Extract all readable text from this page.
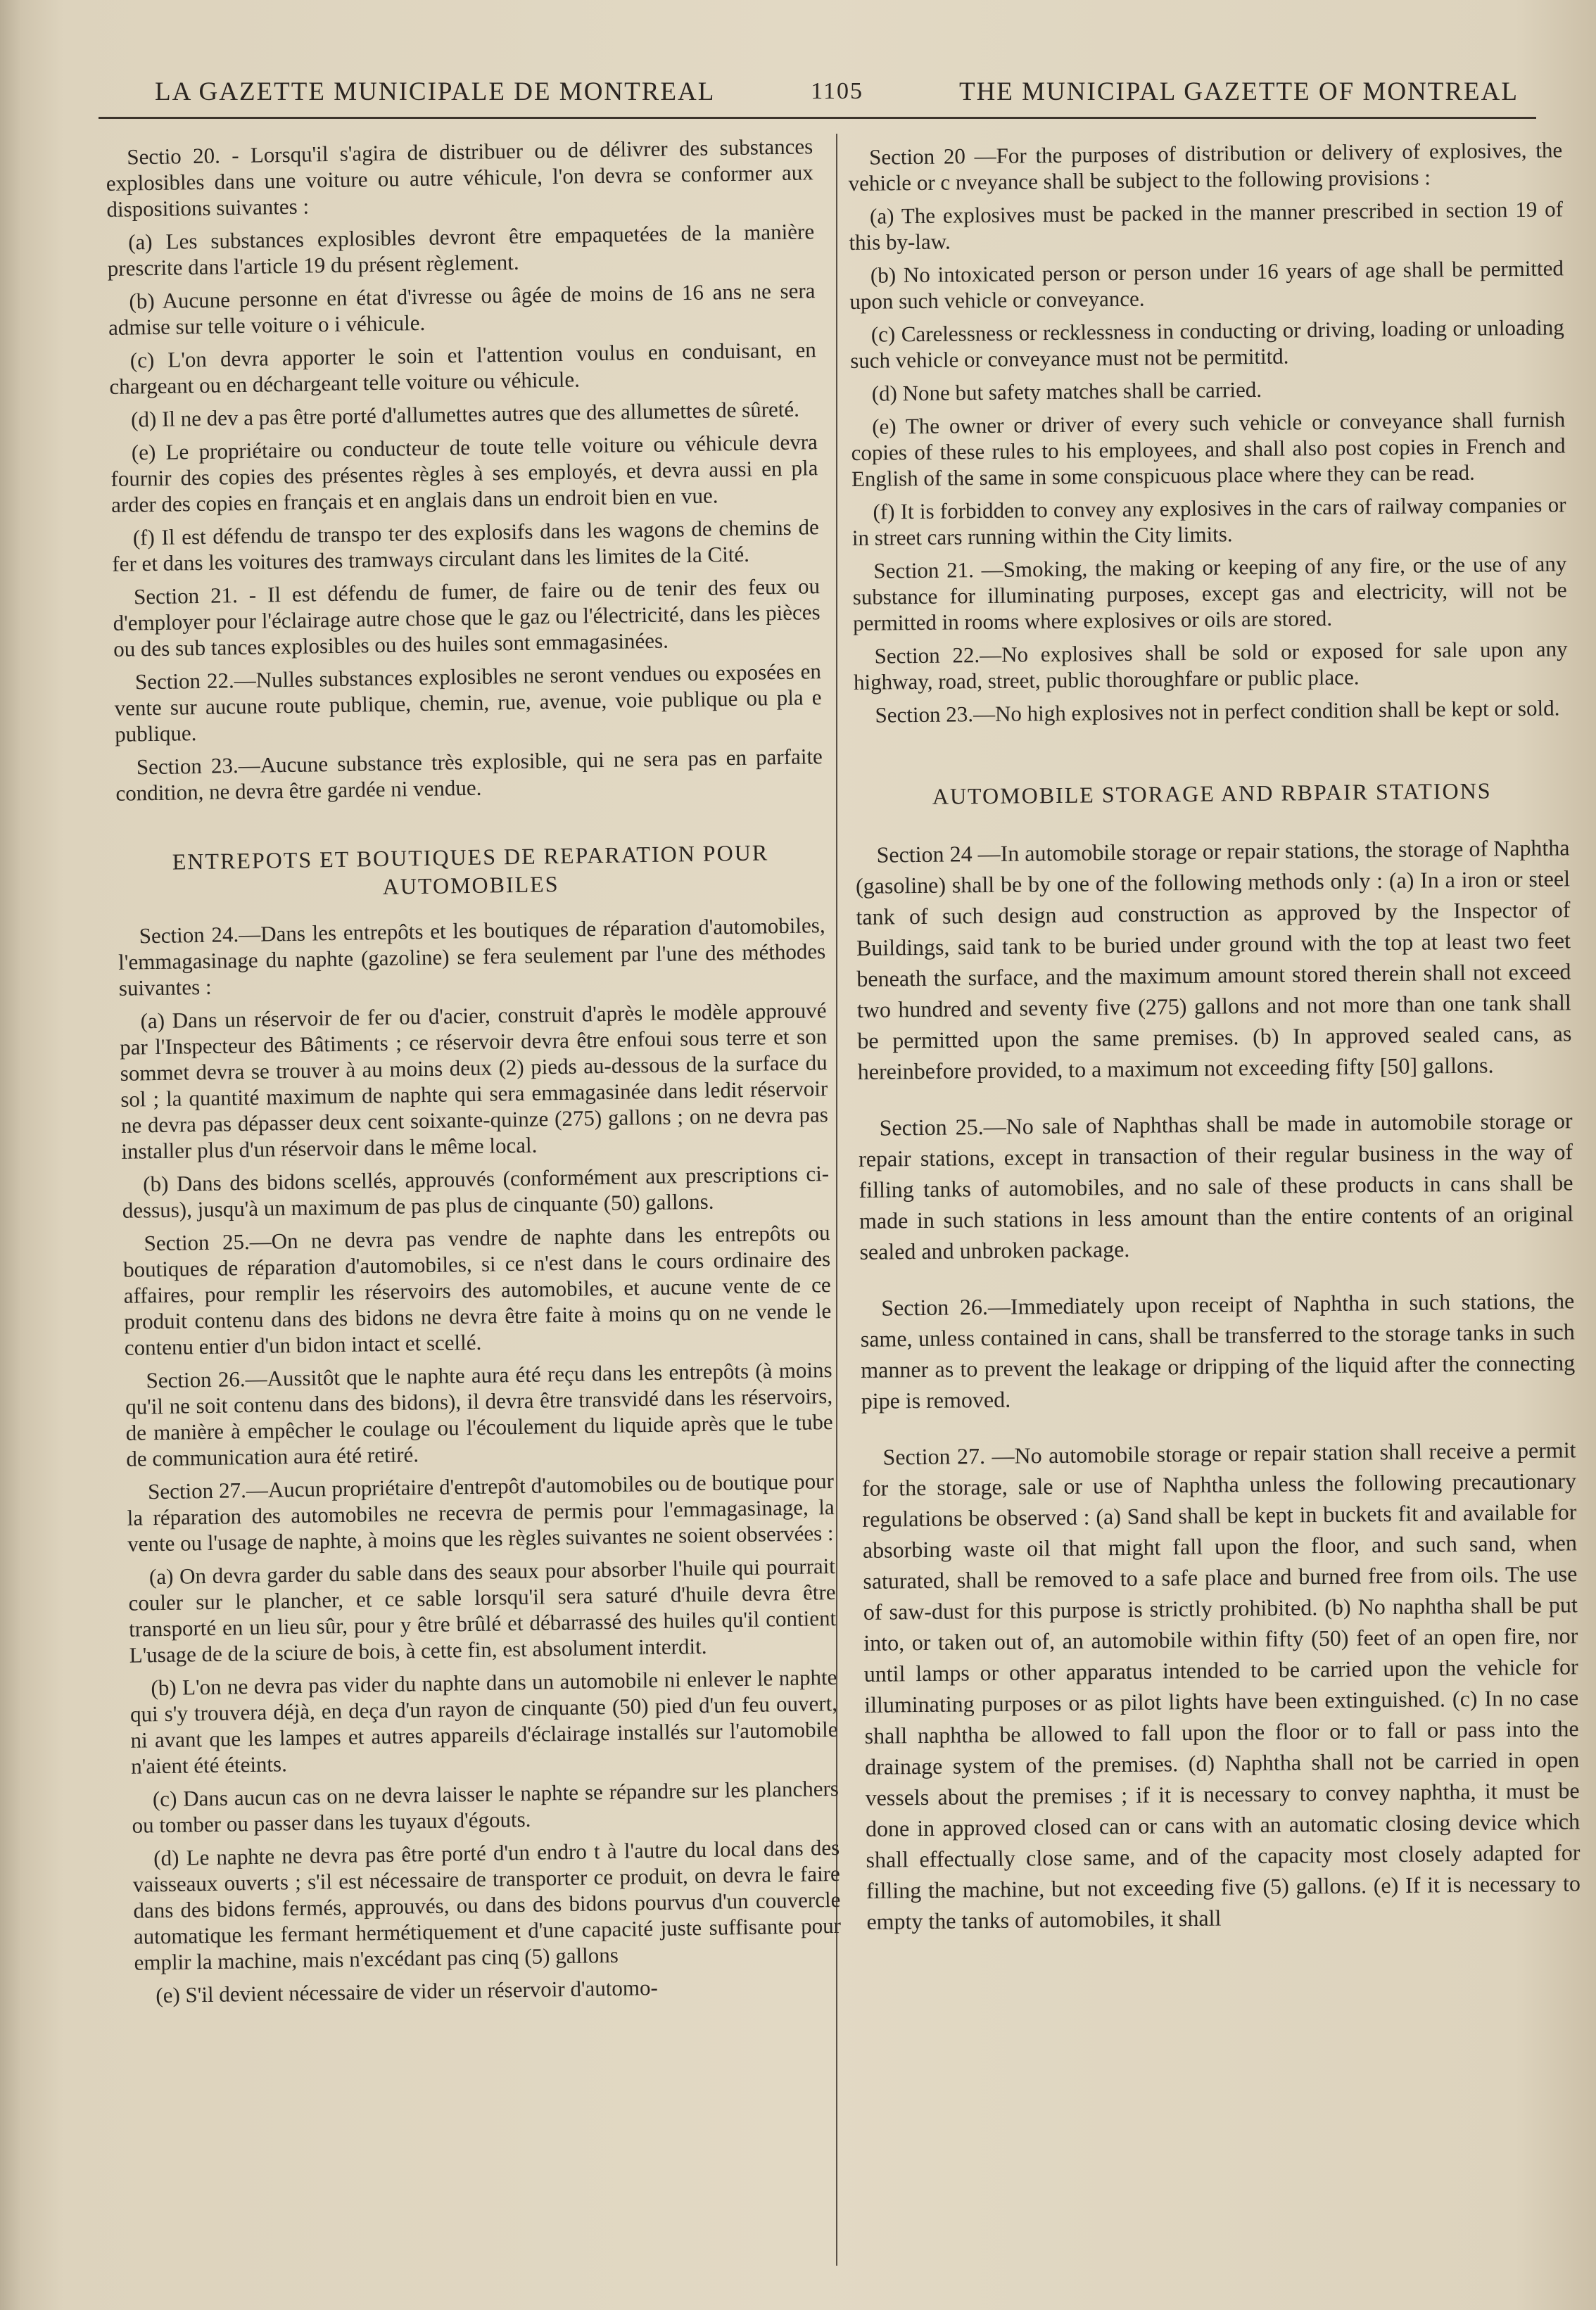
LA GAZETTE MUNICIPALE DE MONTREAL	1105	THE MUNICIPAL GAZETTE OF MONTREAL

Sectio 20. - Lorsqu'il s'agira de distribuer ou de délivrer des substances explosibles dans une voiture ou autre véhicule, l'on devra se conformer aux dispositions suivantes :

(a) Les substances explosibles devront être empaquetées de la manière prescrite dans l'article 19 du présent règlement.

(b) Aucune personne en état d'ivresse ou âgée de moins de 16 ans ne sera admise sur telle voiture o i véhicule.

(c) L'on devra apporter le soin et l'attention voulus en conduisant, en chargeant ou en déchargeant telle voiture ou véhicule.

(d) Il ne dev a pas être porté d'allumettes autres que des allumettes de sûreté.

(e) Le propriétaire ou conducteur de toute telle voiture ou véhicule devra fournir des copies des présentes règles à ses employés, et devra aussi en pla arder des copies en français et en anglais dans un endroit bien en vue.

(f) Il est défendu de transpo ter des explosifs dans les wagons de chemins de fer et dans les voitures des tramways circulant dans les limites de la Cité.

Section 21. - Il est défendu de fumer, de faire ou de tenir des feux ou d'employer pour l'éclairage autre chose que le gaz ou l'électricité, dans les pièces ou des sub tances explosibles ou des huiles sont emmagasinées.

Section 22.—Nulles substances explosibles ne seront vendues ou exposées en vente sur aucune route publique, chemin, rue, avenue, voie publique ou pla e publique.

Section 23.—Aucune substance très explosible, qui ne sera pas en parfaite condition, ne devra être gardée ni vendue.

ENTREPOTS ET BOUTIQUES DE REPARATION POUR AUTOMOBILES

Section 24.—Dans les entrepôts et les boutiques de réparation d'automobiles, l'emmagasinage du naphte (gazoline) se fera seulement par l'une des méthodes suivantes :

(a) Dans un réservoir de fer ou d'acier, construit d'après le modèle approuvé par l'Inspecteur des Bâtiments ; ce réservoir devra être enfoui sous terre et son sommet devra se trouver à au moins deux (2) pieds au-dessous de la surface du sol ; la quantité maximum de naphte qui sera emmagasinée dans ledit réservoir ne devra pas dépasser deux cent soixante-quinze (275) gallons ; on ne devra pas installer plus d'un réservoir dans le même local.

(b) Dans des bidons scellés, approuvés (conformément aux prescriptions ci-dessus), jusqu'à un maximum de pas plus de cinquante (50) gallons.

Section 25.—On ne devra pas vendre de naphte dans les entrepôts ou boutiques de réparation d'automobiles, si ce n'est dans le cours ordinaire des affaires, pour remplir les réservoirs des automobiles, et aucune vente de ce produit contenu dans des bidons ne devra être faite à moins qu on ne vende le contenu entier d'un bidon intact et scellé.

Section 26.—Aussitôt que le naphte aura été reçu dans les entrepôts (à moins qu'il ne soit contenu dans des bidons), il devra être transvidé dans les réservoirs, de manière à empêcher le coulage ou l'écoulement du liquide après que le tube de communication aura été retiré.

Section 27.—Aucun propriétaire d'entrepôt d'automobiles ou de boutique pour la réparation des automobiles ne recevra de permis pour l'emmagasinage, la vente ou l'usage de naphte, à moins que les règles suivantes ne soient observées :

(a) On devra garder du sable dans des seaux pour absorber l'huile qui pourrait couler sur le plancher, et ce sable lorsqu'il sera saturé d'huile devra être transporté en un lieu sûr, pour y être brûlé et débarrassé des huiles qu'il contient L'usage de de la sciure de bois, à cette fin, est absolument interdit.

(b) L'on ne devra pas vider du naphte dans un automobile ni enlever le naphte qui s'y trouvera déjà, en deça d'un rayon de cinquante (50) pied d'un feu ouvert, ni avant que les lampes et autres appareils d'éclairage installés sur l'automobile n'aient été éteints.

(c) Dans aucun cas on ne devra laisser le naphte se répandre sur les planchers ou tomber ou passer dans les tuyaux d'égouts.

(d) Le naphte ne devra pas être porté d'un endro t à l'autre du local dans des vaisseaux ouverts ; s'il est nécessaire de transporter ce produit, on devra le faire dans des bidons fermés, approuvés, ou dans des bidons pourvus d'un couvercle automatique les fermant hermétiquement et d'une capacité juste suffisante pour emplir la machine, mais n'excédant pas cinq (5) gallons

(e) S'il devient nécessaire de vider un réservoir d'automo-

Section 20 —For the purposes of distribution or delivery of explosives, the vehicle or c nveyance shall be subject to the following provisions :

(a) The explosives must be packed in the manner prescribed in section 19 of this by-law.

(b) No intoxicated person or person under 16 years of age shall be permitted upon such vehicle or conveyance.

(c) Carelessness or recklessness in conducting or driving, loading or unloading such vehicle or conveyance must not be permititd.

(d) None but safety matches shall be carried.

(e) The owner or driver of every such vehicle or conveyance shall furnish copies of these rules to his employees, and shall also post copies in French and English of the same in some conspicuous place where they can be read.

(f) It is forbidden to convey any explosives in the cars of railway companies or in street cars running within the City limits.

Section 21. —Smoking, the making or keeping of any fire, or the use of any substance for illuminating purposes, except gas and electricity, will not be permitted in rooms where explosives or oils are stored.

Section 22.—No explosives shall be sold or exposed for sale upon any highway, road, street, public thoroughfare or public place.

Section 23.—No high explosives not in perfect condition shall be kept or sold.

AUTOMOBILE STORAGE AND RBPAIR STATIONS

Section 24 —In automobile storage or repair stations, the storage of Naphtha (gasoline) shall be by one of the following methods only : (a) In a iron or steel tank of such design aud construction as approved by the Inspector of Buildings, said tank to be buried under ground with the top at least two feet beneath the surface, and the maximum amount stored therein shall not exceed two hundred and seventy five (275) gallons and not more than one tank shall be permitted upon the same premises. (b) In approved sealed cans, as hereinbefore provided, to a maximum not exceeding fifty [50] gallons.

Section 25.—No sale of Naphthas shall be made in automobile storage or repair stations, except in transaction of their regular business in the way of filling tanks of automobiles, and no sale of these products in cans shall be made in such stations in less amount than the entire contents of an original sealed and unbroken package.

Section 26.—Immediately upon receipt of Naphtha in such stations, the same, unless contained in cans, shall be transferred to the storage tanks in such manner as to prevent the leakage or dripping of the liquid after the connecting pipe is removed.

Section 27. —No automobile storage or repair station shall receive a permit for the storage, sale or use of Naphtha unless the following precautionary regulations be observed : (a) Sand shall be kept in buckets fit and available for absorbing waste oil that might fall upon the floor, and such sand, when saturated, shall be removed to a safe place and burned free from oils. The use of saw-dust for this purpose is strictly prohibited. (b) No naphtha shall be put into, or taken out of, an automobile within fifty (50) feet of an open fire, nor until lamps or other apparatus intended to be carried upon the vehicle for illuminating purposes or as pilot lights have been extinguished. (c) In no case shall naphtha be allowed to fall upon the floor or to fall or pass into the drainage system of the premises. (d) Naphtha shall not be carried in open vessels about the premises ; if it is necessary to convey naphtha, it must be done in approved closed can or cans with an automatic closing device which shall effectually close same, and of the capacity most closely adapted for filling the machine, but not exceeding five (5) gallons. (e) If it is necessary to empty the tanks of automobiles, it shall
